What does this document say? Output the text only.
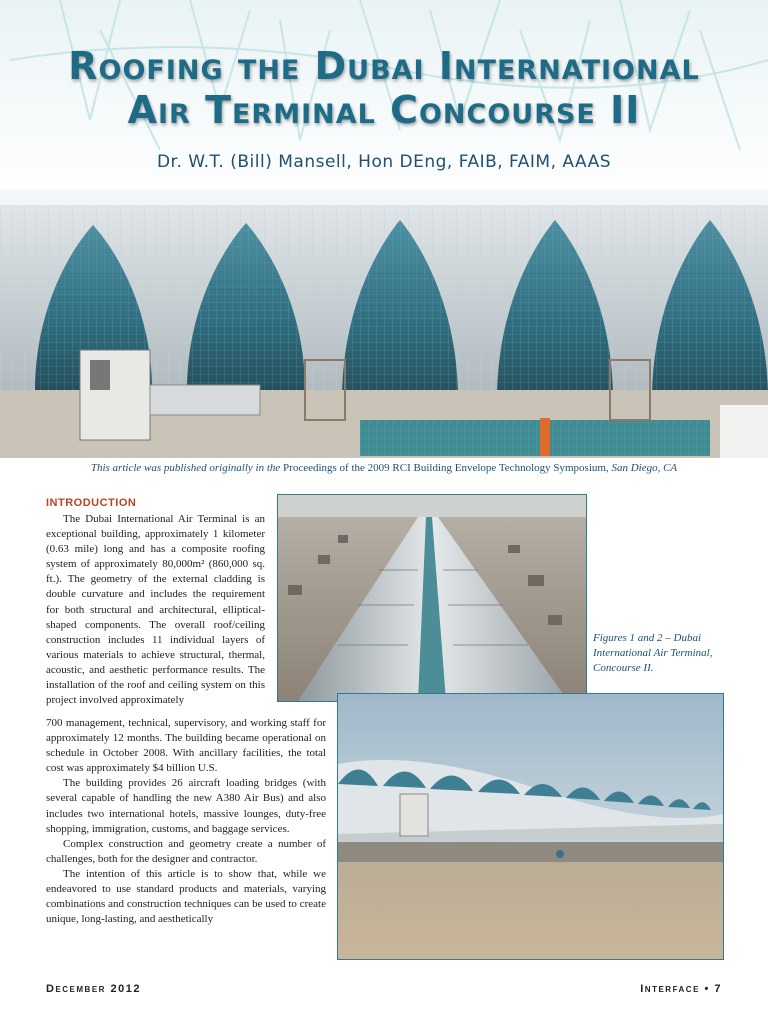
Roofing the Dubai International
Air Terminal Concourse II
Dr. W.T. (Bill) Mansell, Hon DEng, FAIB, FAIM, AAAS
This article was published originally in the Proceedings of the 2009 RCI Building Envelope Technology Symposium, San Diego, CA
INTRODUCTION

The Dubai International Air Terminal is an exceptional building, approximately 1 kilometer (0.63 mile) long and has a composite roofing system of approximately 80,000m² (860,000 sq. ft.). The geometry of the external cladding is double curvature and includes the requirement for both structural and architectural, elliptical-shaped components. The overall roof/ceiling construction includes 11 individual layers of various materials to achieve structural, thermal, acoustic, and aesthetic performance results. The installation of the roof and ceiling system on this project involved approximately

700 management, technical, supervisory, and working staff for approximately 12 months. The building became operational on schedule in October 2008. With ancillary facilities, the total cost was approximately $4 billion U.S.

The building provides 26 aircraft loading bridges (with several capable of handling the new A380 Air Bus) and also includes two international hotels, massive lounges, duty-free shopping, immigration, customs, and baggage services.

Complex construction and geometry create a number of challenges, both for the designer and contractor.

The intention of this article is to show that, while we endeavored to use standard products and materials, varying combinations and construction techniques can be used to create unique, long-lasting, and aesthetically

Figures 1 and 2 – Dubai International Air Terminal, Concourse II.
December 2012	Interface • 7
